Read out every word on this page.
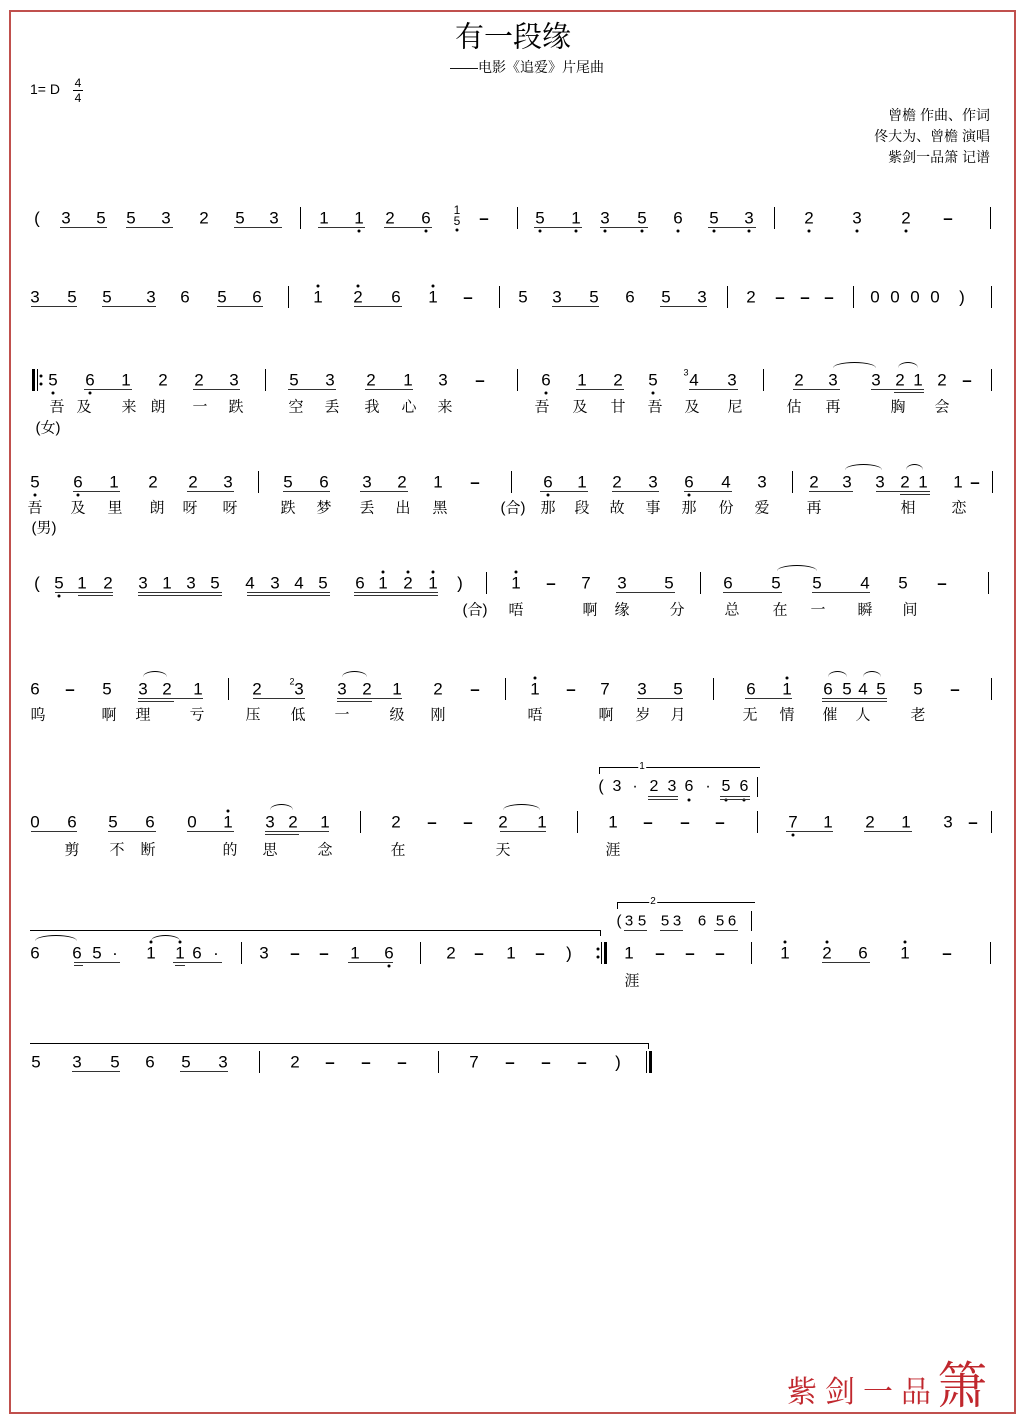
有一段缘
——电影《追爱》片尾曲
1= D 4
4
曾檐 作曲、作词
佟大为、曾檐 演唱
紫剑一品箫 记谱
( 3 5 5 3 2 5 3 1 1 2 6	–	5 1 3 5 6 5 3	2 3 2 –
1
5
3 5 5 3 6 5 6	1 2 6 1 –	5 3 5 6 5 3 2 – – – 0 0 0 0 )
5 6 1 2 2 3	5 3 2 1 3 –	6 1 2 5 4 3	2 3 3 2 1 2 –
3
吾 及 来 朗 一 跌	空 丢 我 心 来	吾 及 甘 吾 及 尼	估 再	胸 会
(女)
5 6 1 2 2 3	5 6 3 2 1 –	6 1 2 3 6 4 3	2 3 3 2 1 1 –
吾 及 里 朗 呀 呀	跌 梦 丢 出 黑	(合) 那 段 故 事 那 份 爱 再	相 恋
(男)
( 5 1 2 3 1 3 5 4 3 4 5 6 1 2 1 )	1 – 7 3 5	6 5 5 4 5 –
(合) 唔	啊 缘	分	总 在 一 瞬 间
6 – 5 3 2 1	2 3 3 2 1 2 –	1 – 7 3 5	6 1 6 5 4 5 5 –
2
呜	啊 理	亏	压 低 一	级 刚	唔	啊 岁 月	无 情 催 人	老
( 3 · 2 3 6 · 5 6
0 6 5 6 0 1 3 2 1	2 – – 2 1	1 – – –	7 1 2 1 3 –
剪 不 断	的 思	念	在	天	涯
( 3 5 5 3 6 5 6
6 6 5 · 1 1 6 · 3 – – 1 6	2 – 1 – )	1 – – –	1 2 6 1 –
涯
5 3 5 6 5 3	2 – – –	7 – – – )
1
2
紫 剑 一 品 箫
